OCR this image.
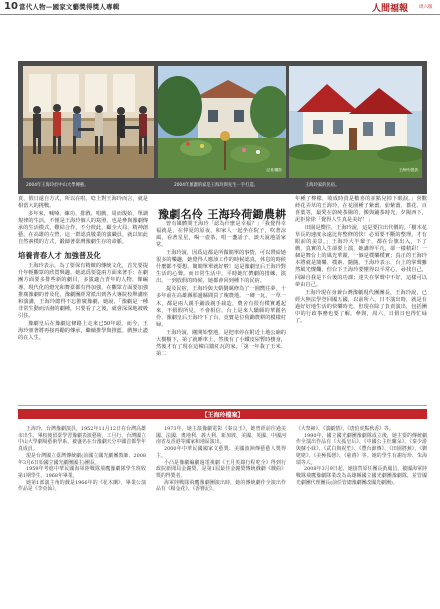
10 當代人物—國家文藝獎得獎人專輯	人間福報 周六版
2004年王海玲於中山大學傳藝。
記者/攝影
2004年薰濃的家是王海玲與先生一手打造。
王海玲/提供
王海玲家的民宿。

責，假日還自方式，所以在唱，唸上對王海玲而言，就是相當大的挑戰。

多年來，喊嗓、練功、排戲、唱戲，周而復始，單調規律的生活，不僅是王海玲個人的寫照，也是參與豫劇傳承的生活模式。難結合作，不分彼此，顧全大局，精神創藝。在高雄的左營，這一群認真敬業的演職員，就以如此自然素樸的方式，鍛鑄著臺灣豫劇生存的命脈。

培養青春人才 加強普及化

王海玲表示，為了要保有精緻的傳統文化，首先要提升年輕觀眾的欣賞興趣。她認爲要從兩方面來著手：在劇團方面要多排些新的劇目，多演適合青年的人物，像編導、現代化的燈光和舞臺都有得加強，在觀眾方面要加強推廣豫劇的普及化，豫劇團經常派出到各大專院校舉講座和演講，王海玲總得不忘推廣豫劇，她說，「豫劇是一種非常生動而活潑的劇種，只要看了之後，就會深深地被吸引住。

豫劇皇后在豫劇這條路上走來已50年頭，而今，王海玲頒著將再接再勵的傳承，繼續推學與推藍，戲無止盡的在人生。

豫劇名伶 王海玲荷鋤農耕

曾有媒體問王海玲「認為什麼是幸福？」「我覺得幸福就是，在仲夏的原夜，和家人一起坐在院子，吹著涼風，看著星星，喝一壺茶，唱一盞話子，談天說地話家常。

王海玲說，因爲這都是所做簡單的事情，可以帶給她很多的樂趣，她覺得人應該工作的時候認真，休息的時候什麼都不要想，簡簡單單就好啦！這是豫劇皇后王海玲對生活的心聲。而日常生活中，平時她忙擠劇的排練、演出，一到放假的時候，她都會回到種下的民宿。

提及民宿，王海玲與夫婿劉厲修為了一圓嚮往夢，十多年前在高雄縣那邊縣間買了塊農地。一磚一瓦、一草一木，都是兩人親手鋪設親手栽造，農舍有很有樸實遞起來，不假假所見，不會相信，台上是來人驕願的華麗名伶，豫劇皇后王海玲下了台，竟寶是位荷鋤農耕的模樣村婦。

王海玲說，剛開始整地，是把車停在附近土地公廟的大樹樹下，第了就睡車上，然後有了小鐵皮屋暫時棲身，然後才有了現在這棟白牆紅瓦的家。「第一年栽了玉米、第二

年種了檸檬，收成時貴是數喜的並點兒掉下眼淚。」喜歡蒔花弄草的王海玲，在花園種了紫薑、紛紫薑、薔花、百喜葉等，最愛在蔚純茶陽的，搬與鋪茶時光，夕陽西下，泥拒徐徐「覺得人生真是美好！」

田園是嚮往，王海玲說，這是要拉出代價的。「樹木花草長的速度永遠比你整修的快！必須要不斷的整理，才有眼前的美景。」王海玲大半輩子，都在台旗出入，下了戲，真實的人生卻要上演，她講得平凡，卻一樣精彩！一個是舞台上的風光華麗，一個是樸樂樸實；真正的王海玲本將就是簡樂、樸素、隨隨。王海玲表示，台上的掌聲雖然風光燦爛，但台下王海玲要懂得以平常心，尋找自己，回歸自我是下台後的功課；達失在掌聲中不好，這樣可以夢由自己。

王海玲現在身兼台灣豫劇現代團團長，王海玲說，已經大無法學登回國五國，以前所六，日不演出時，就是有過好好地生活的快樂時光，但現在除了負責演出，包括團中的行政事務也要了解，參與，周六，日假日也得忙碌了。

【王海玲檔案】

王海玲，台灣豫劇演員，1952年11月12日在台灣高雄市出生，畢校後留臺學習豫劇表演藝術，工旦行，台灣國立中山大學劇場藝術學系，被盛名在台豫劇天分中國首都學年真成員。

現是台灣國立臺灣傳統劇(前國立國光劇團教師，2008年3月6日始國立國光劇團國主)團長。

1959年考進中華民國海軍陸戰隊飛鷹豫劇隊學生班收第1期學生，1968年畢業。

她第1部演主角的戲是1966年的《花木蘭》，畢業公演作品是《李亞仙》。

1973年，她主演豫劇電影《秦良玉》。她曾經前往過美國、法國、奧地利、義大利、新加坡、美國、英國、中國河南省及香港等國家和地區演出。

2000年中華民國國家文藝獎、美國波洲傳藝藝人獎得主。

小凸是豫劇編劇過電視劇《王月英錄行程吃全》得到行政院新聞局金鐘獎，是第1屆最佳金鐘獎傳統戲劇《戲曲》獎的得獎者。

海軍陸戰隊飛鷹豫劇團演出時，她的傳統劇作全演出作品有《楊金花》、《香簪記》、

《大祭禘》、《演劇情》、《唐伯虎點秋香》等。

1990年，國立國光劇團豫劇隊成立後，她主要的傳統劇作全演出作品有《大孤皇后》、《中國公主杜蘭朵》、《秦少游與蘇小妹》、《武白與祝笙》、《豐台節傳》、《田園將蕪》、《劉姥姥》、《美極狐戀》、《慈禧》等。她的學生有謝衍珍、朱海瑞等人。

2008年3月9日起，她接替原任團長黃鳳昌，被國海軍陸戰隊飛鷹豫劇隊業改為高雄縣國立國光劇團豫劇隊，並管國光劇團代理團長(前任管總豫劇團改國光劇團)。
